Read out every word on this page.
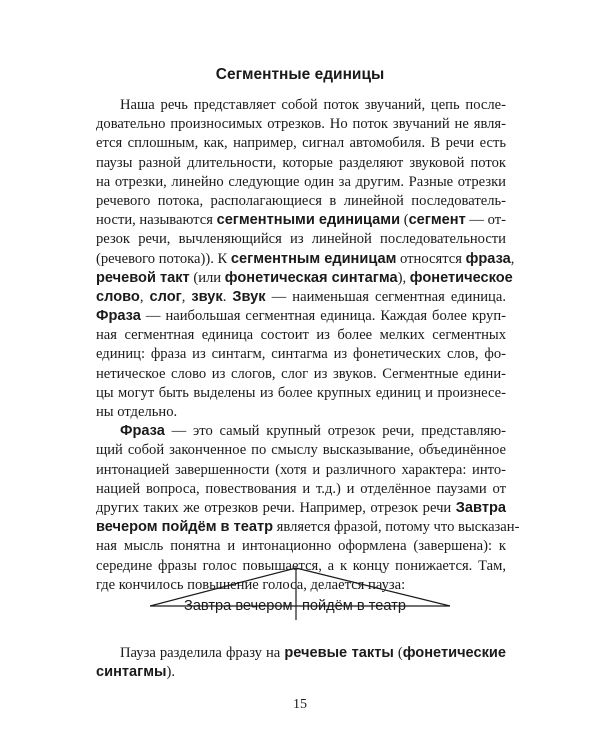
Сегментные единицы
Наша речь представляет собой поток звучаний, цепь после-
довательно произносимых отрезков. Но поток звучаний не явля-
ется сплошным, как, например, сигнал автомобиля. В речи есть
паузы разной длительности, которые разделяют звуковой поток
на отрезки, линейно следующие один за другим. Разные отрезки
речевого потока, располагающиеся в линейной последователь-
ности, называются сегментными единицами (сегмент — от-
резок речи, вычленяющийся из линейной последовательности
(речевого потока)). К сегментным единицам относятся фраза,
речевой такт (или фонетическая синтагма), фонетическое
слово, слог, звук. Звук — наименьшая сегментная единица.
Фраза — наибольшая сегментная единица. Каждая более круп-
ная сегментная единица состоит из более мелких сегментных
единиц: фраза из синтагм, синтагма из фонетических слов, фо-
нетическое слово из слогов, слог из звуков. Сегментные едини-
цы могут быть выделены из более крупных единиц и произнесе-
ны отдельно.
Фраза — это самый крупный отрезок речи, представляю-
щий собой законченное по смыслу высказывание, объединённое
интонацией завершенности (хотя и различного характера: инто-
нацией вопроса, повествования и т.д.) и отделённое паузами от
других таких же отрезков речи. Например, отрезок речи Завтра
вечером пойдём в театр является фразой, потому что высказан-
ная мысль понятна и интонационно оформлена (завершена): к
середине фразы голос повышается, а к концу понижается. Там,
где кончилось повышение голоса, делается пауза:
Завтра вечером пойдём в театр
Пауза разделила фразу на речевые такты (фонетические
синтагмы).
15
